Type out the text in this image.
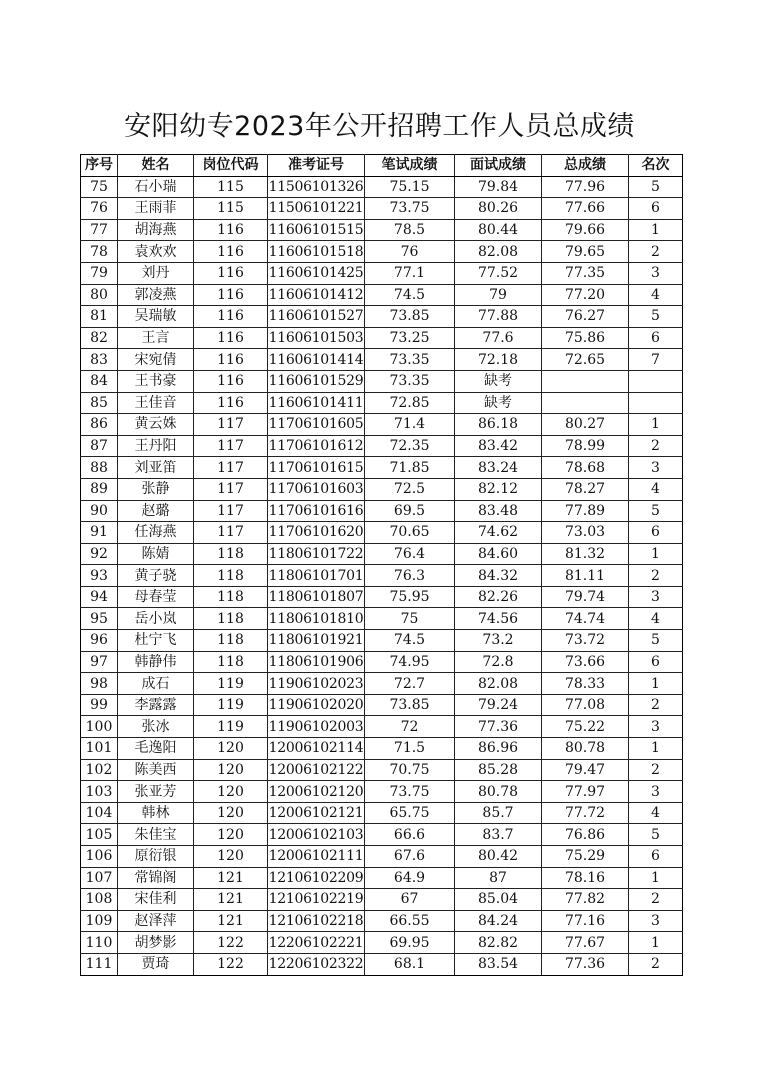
安阳幼专2023年公开招聘工作人员总成绩
序号	姓名	岗位代码	准考证号	笔试成绩	面试成绩	总成绩	名次
75	石小瑞	115	11506101326	75.15	79.84	77.96	5
76	王雨菲	115	11506101221	73.75	80.26	77.66	6
77	胡海燕	116	11606101515	78.5	80.44	79.66	1
78	袁欢欢	116	11606101518	76	82.08	79.65	2
79	刘丹	116	11606101425	77.1	77.52	77.35	3
80	郭凌燕	116	11606101412	74.5	79	77.20	4
81	吴瑞敏	116	11606101527	73.85	77.88	76.27	5
82	王言	116	11606101503	73.25	77.6	75.86	6
83	宋宛倩	116	11606101414	73.35	72.18	72.65	7
84	王书豪	116	11606101529	73.35	缺考		
85	王佳音	116	11606101411	72.85	缺考		
86	黄云姝	117	11706101605	71.4	86.18	80.27	1
87	王丹阳	117	11706101612	72.35	83.42	78.99	2
88	刘亚笛	117	11706101615	71.85	83.24	78.68	3
89	张静	117	11706101603	72.5	82.12	78.27	4
90	赵璐	117	11706101616	69.5	83.48	77.89	5
91	任海燕	117	11706101620	70.65	74.62	73.03	6
92	陈婧	118	11806101722	76.4	84.60	81.32	1
93	黄子骁	118	11806101701	76.3	84.32	81.11	2
94	母春莹	118	11806101807	75.95	82.26	79.74	3
95	岳小岚	118	11806101810	75	74.56	74.74	4
96	杜宁飞	118	11806101921	74.5	73.2	73.72	5
97	韩静伟	118	11806101906	74.95	72.8	73.66	6
98	成石	119	11906102023	72.7	82.08	78.33	1
99	李露露	119	11906102020	73.85	79.24	77.08	2
100	张冰	119	11906102003	72	77.36	75.22	3
101	毛逸阳	120	12006102114	71.5	86.96	80.78	1
102	陈美西	120	12006102122	70.75	85.28	79.47	2
103	张亚芳	120	12006102120	73.75	80.78	77.97	3
104	韩林	120	12006102121	65.75	85.7	77.72	4
105	朱佳宝	120	12006102103	66.6	83.7	76.86	5
106	原衍银	120	12006102111	67.6	80.42	75.29	6
107	常锦阁	121	12106102209	64.9	87	78.16	1
108	宋佳利	121	12106102219	67	85.04	77.82	2
109	赵泽萍	121	12106102218	66.55	84.24	77.16	3
110	胡梦影	122	12206102221	69.95	82.82	77.67	1
111	贾琦	122	12206102322	68.1	83.54	77.36	2
